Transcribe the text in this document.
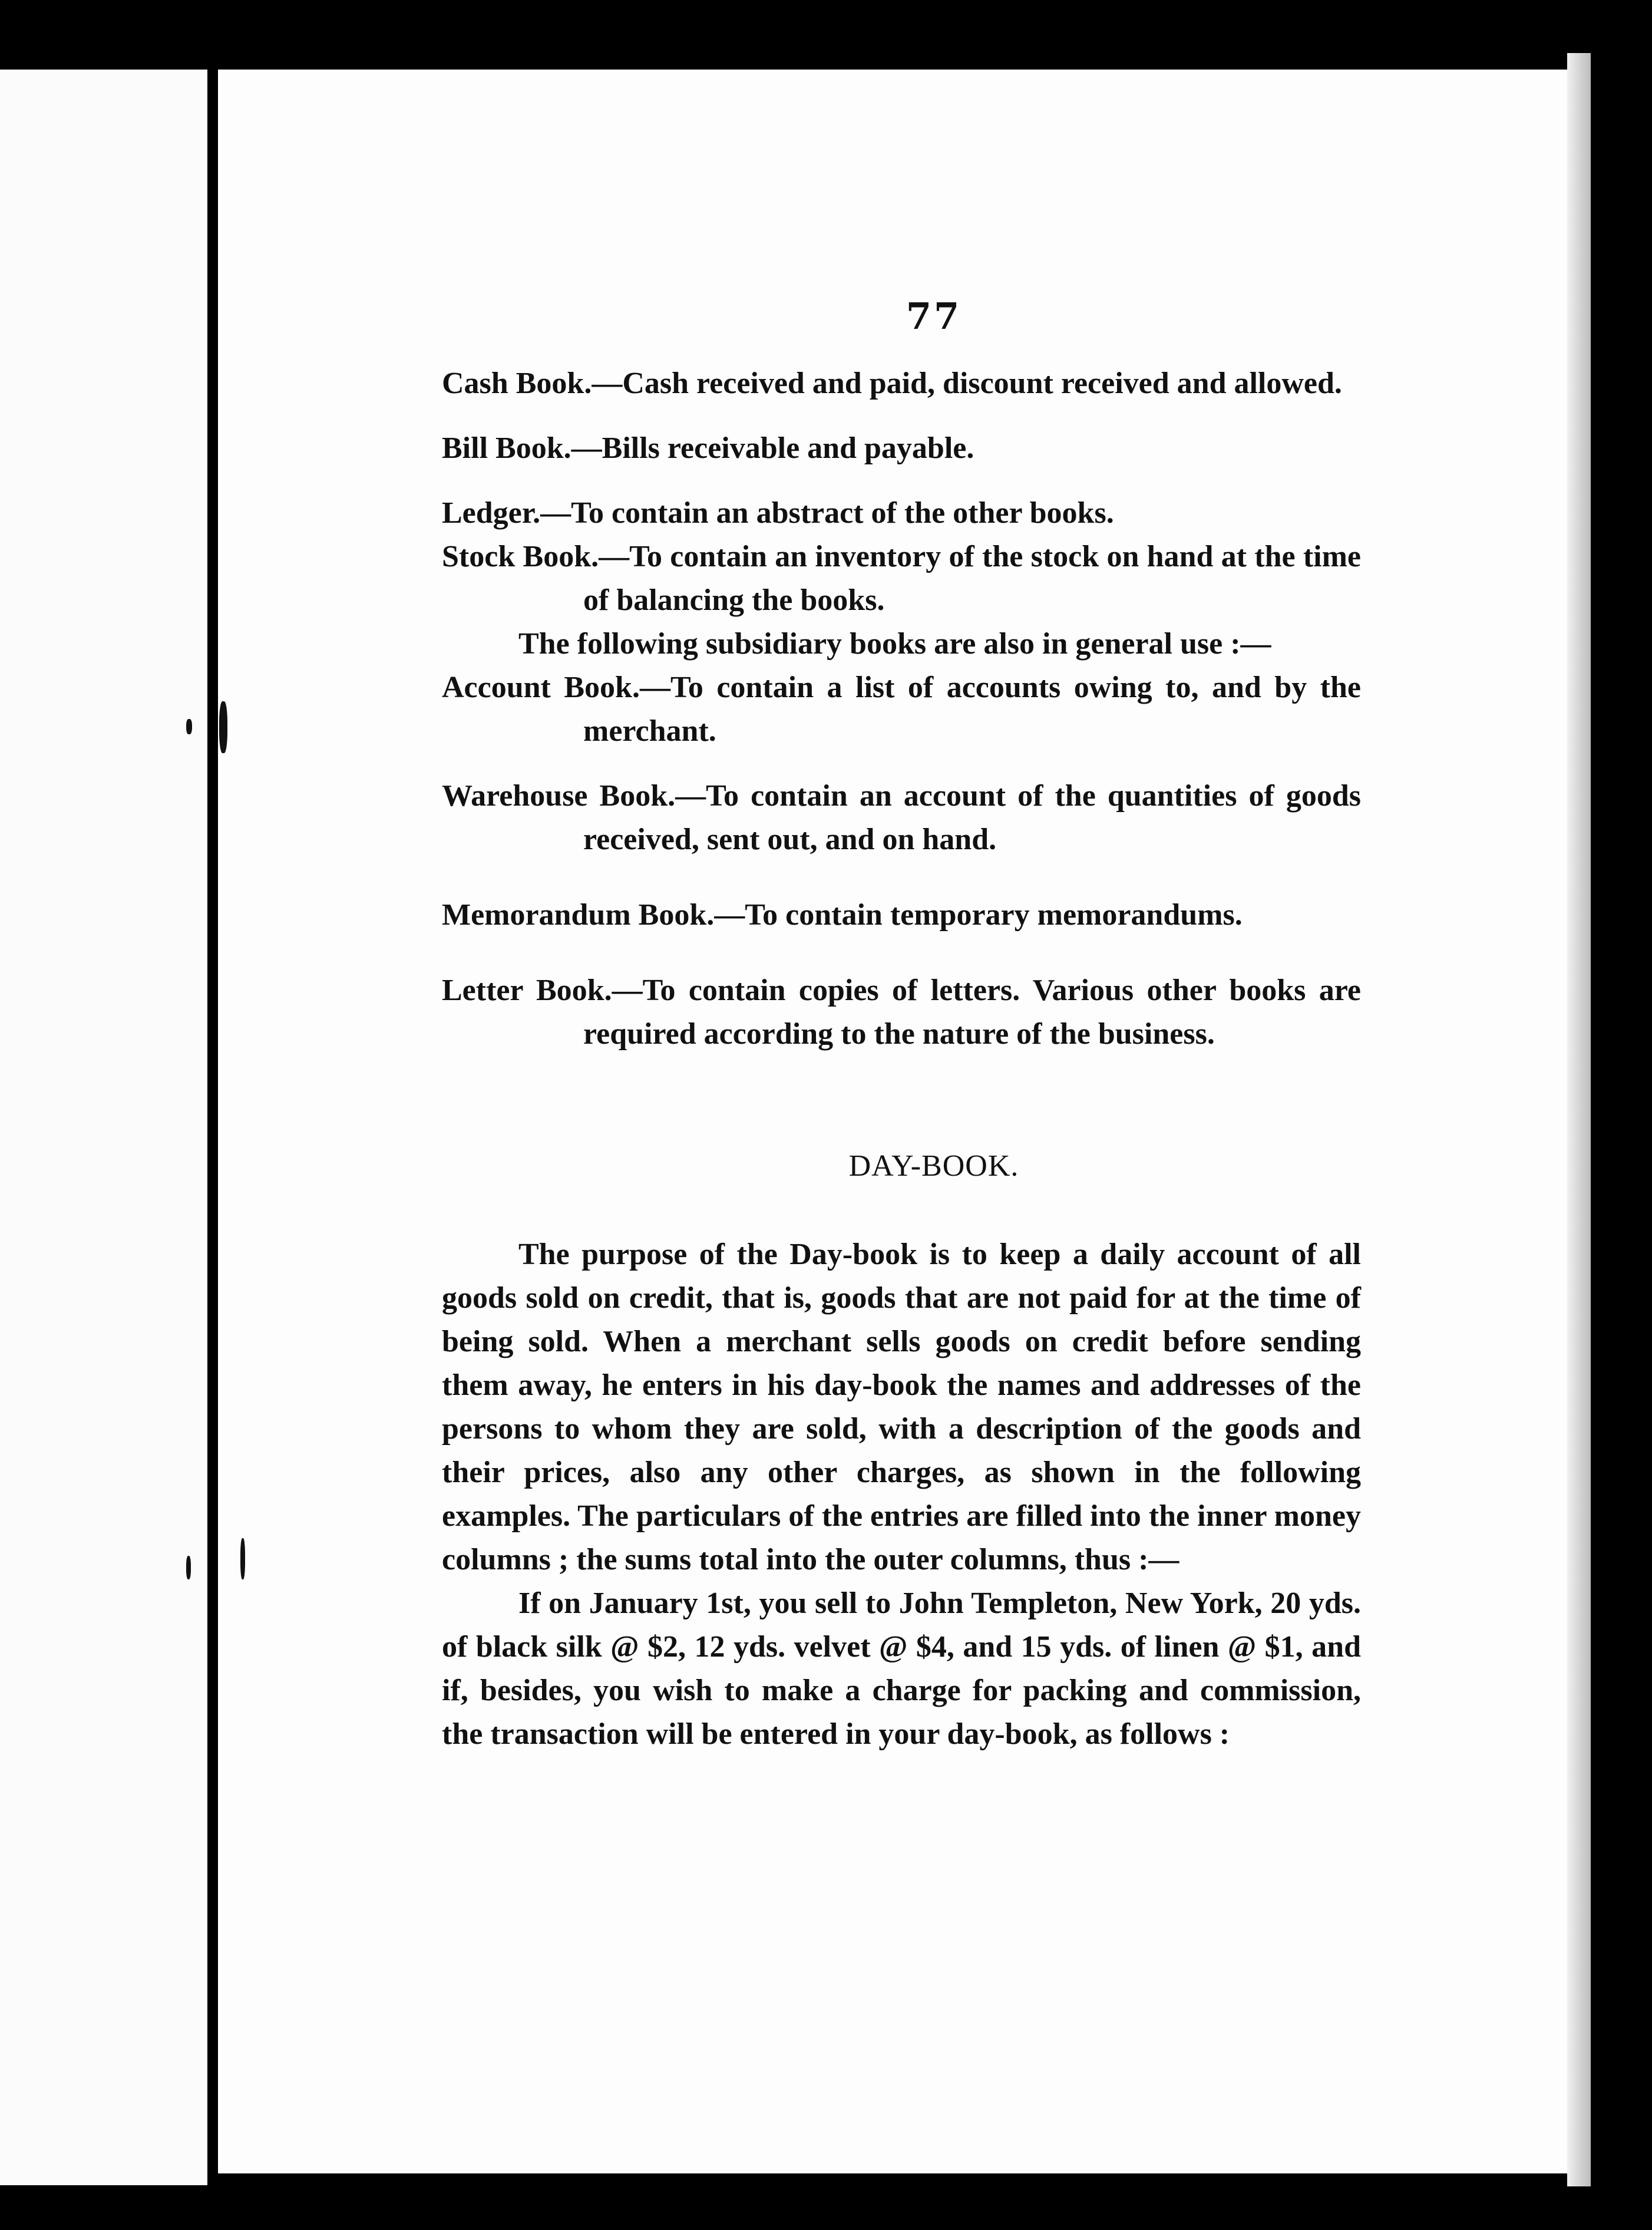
77

Cash Book.—Cash received and paid, discount received and allowed.

Bill Book.—Bills receivable and payable.

Ledger.—To contain an abstract of the other books.

Stock Book.—To contain an inventory of the stock on hand at the time of balancing the books.

The following subsidiary books are also in general use :—

Account Book.—To contain a list of accounts owing to, and by the merchant.

Warehouse Book.—To contain an account of the quantities of goods received, sent out, and on hand.

Memorandum Book.—To contain temporary memorandums.

Letter Book.—To contain copies of letters. Various other books are required according to the nature of the business.

DAY-BOOK.

The purpose of the Day-book is to keep a daily account of all goods sold on credit, that is, goods that are not paid for at the time of being sold. When a merchant sells goods on credit before sending them away, he enters in his day-book the names and addresses of the persons to whom they are sold, with a description of the goods and their prices, also any other charges, as shown in the following examples. The particulars of the entries are filled into the inner money columns ; the sums total into the outer columns, thus :—

If on January 1st, you sell to John Templeton, New York, 20 yds. of black silk @ $2, 12 yds. velvet @ $4, and 15 yds. of linen @ $1, and if, besides, you wish to make a charge for packing and commission, the transaction will be entered in your day-book, as follows :
